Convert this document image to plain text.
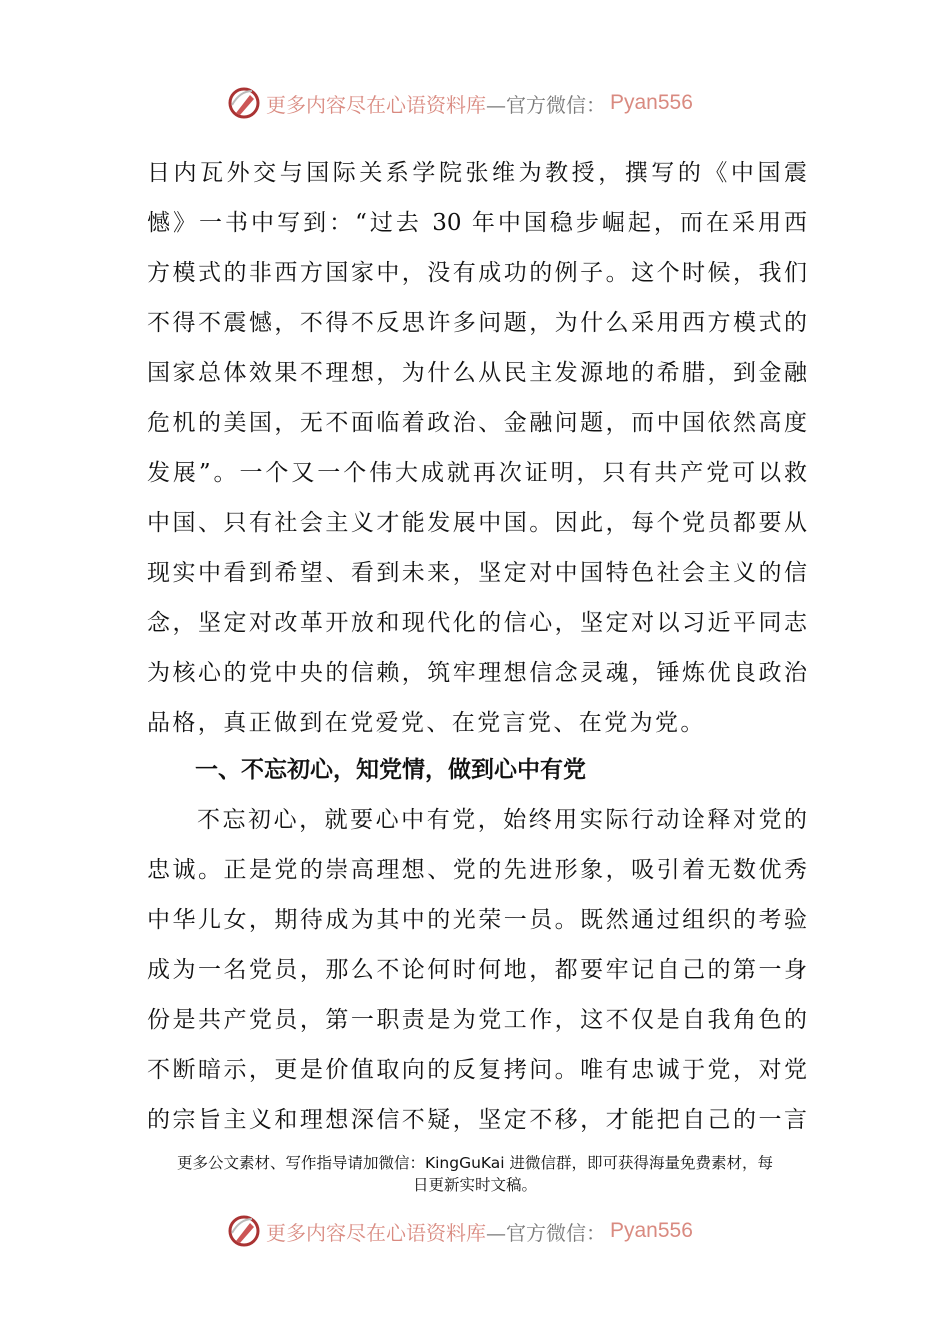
更多内容尽在心语资料库 —官方微信： Pyan556
日内瓦外交与国际关系学院张维为教授，撰写的《中国震
憾》一书中写到：“过去 30 年中国稳步崛起，而在采用西
方模式的非西方国家中，没有成功的例子。这个时候，我们
不得不震憾，不得不反思许多问题，为什么采用西方模式的
国家总体效果不理想，为什么从民主发源地的希腊，到金融
危机的美国，无不面临着政治、金融问题，而中国依然高度
发展”。一个又一个伟大成就再次证明，只有共产党可以救
中国、只有社会主义才能发展中国。因此，每个党员都要从
现实中看到希望、看到未来，坚定对中国特色社会主义的信
念，坚定对改革开放和现代化的信心，坚定对以习近平同志
为核心的党中央的信赖，筑牢理想信念灵魂，锤炼优良政治
品格，真正做到在党爱党、在党言党、在党为党。
一、不忘初心，知党情，做到心中有党
不忘初心，就要心中有党，始终用实际行动诠释对党的
忠诚。正是党的崇高理想、党的先进形象，吸引着无数优秀
中华儿女，期待成为其中的光荣一员。既然通过组织的考验
成为一名党员，那么不论何时何地，都要牢记自己的第一身
份是共产党员，第一职责是为党工作，这不仅是自我角色的
不断暗示，更是价值取向的反复拷问。唯有忠诚于党，对党
的宗旨主义和理想深信不疑，坚定不移，才能把自己的一言
更多公文素材、写作指导请加微信：KingGuKai 进微信群，即可获得海量免费素材，每
日更新实时文稿。
更多内容尽在心语资料库 —官方微信： Pyan556
